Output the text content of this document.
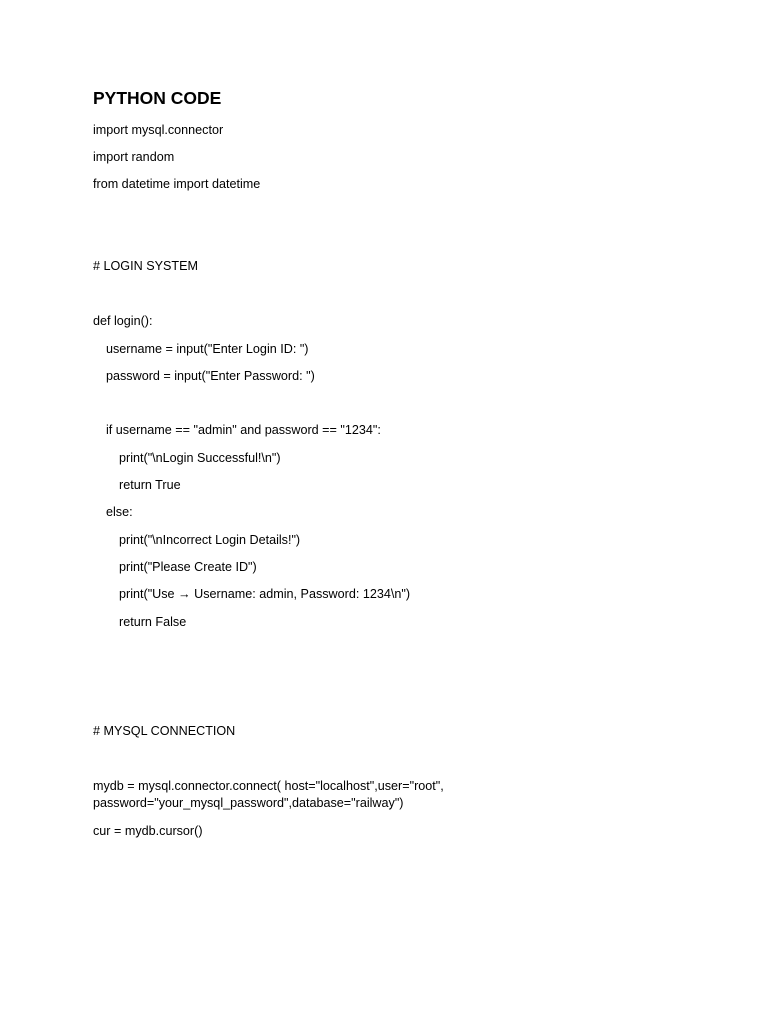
PYTHON CODE
import mysql.connector
import random
from datetime import datetime
# LOGIN SYSTEM
def login():
username = input("Enter Login ID: ")
password = input("Enter Password: ")
if username == "admin" and password == "1234":
print("\nLogin Successful!\n")
return True
else:
print("\nIncorrect Login Details!")
print("Please Create ID")
print("Use → Username: admin, Password: 1234\n")
return False
# MYSQL CONNECTION
mydb = mysql.connector.connect( host="localhost",user="root",
password="your_mysql_password",database="railway")
cur = mydb.cursor()
